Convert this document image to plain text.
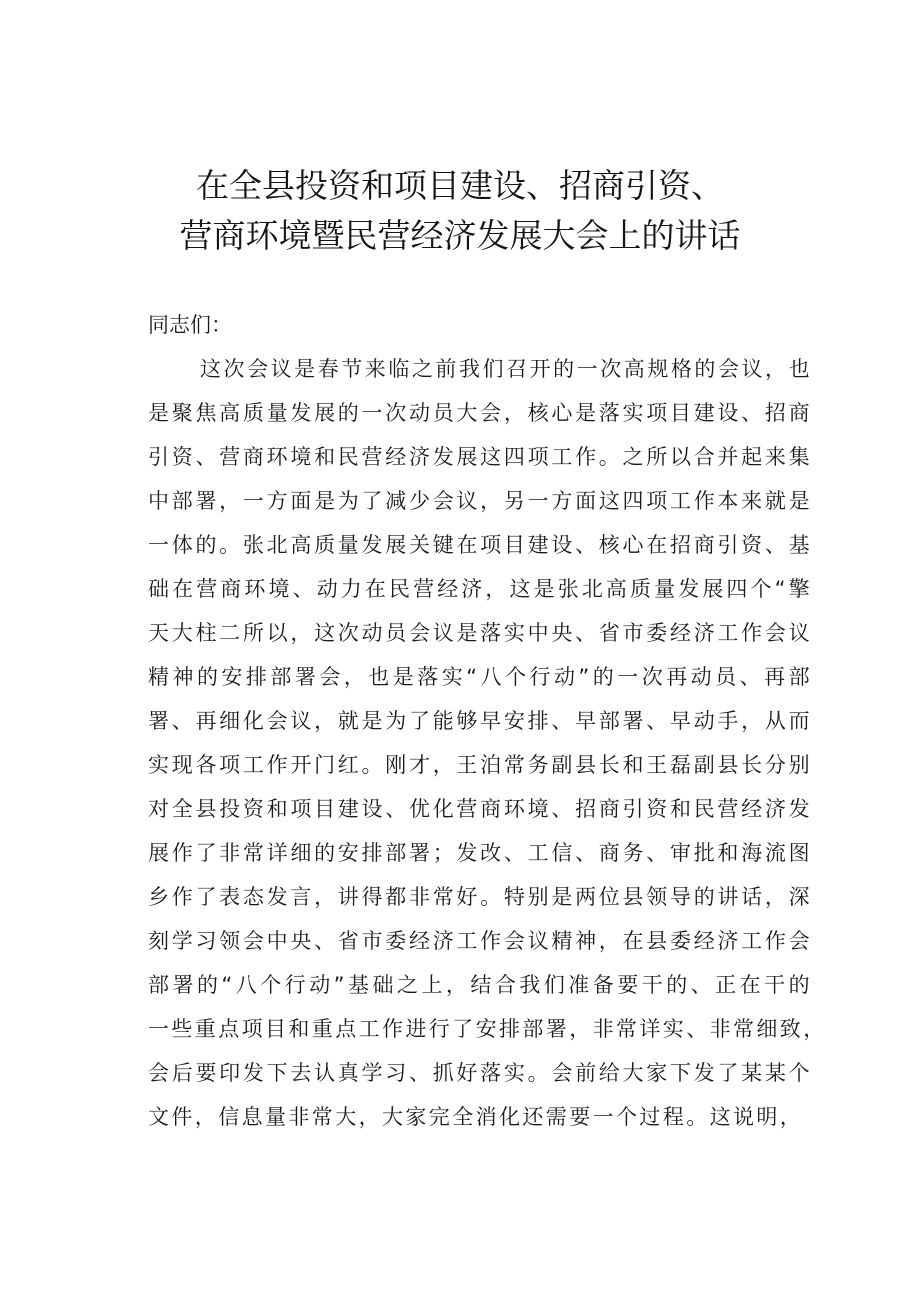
在全县投资和项目建设、招商引资、
营商环境暨民营经济发展大会上的讲话

同志们：

这次会议是春节来临之前我们召开的一次高规格的会议，也

是聚焦高质量发展的一次动员大会，核心是落实项目建设、招商

引资、营商环境和民营经济发展这四项工作。之所以合并起来集

中部署，一方面是为了减少会议，另一方面这四项工作本来就是

一体的。张北高质量发展关键在项目建设、核心在招商引资、基

础在营商环境、动力在民营经济，这是张北高质量发展四个“擎

天大柱二所以，这次动员会议是落实中央、省市委经济工作会议

精神的安排部署会，也是落实“八个行动”的一次再动员、再部

署、再细化会议，就是为了能够早安排、早部署、早动手，从而

实现各项工作开门红。刚才，王泊常务副县长和王磊副县长分别

对全县投资和项目建设、优化营商环境、招商引资和民营经济发

展作了非常详细的安排部署；发改、工信、商务、审批和海流图

乡作了表态发言，讲得都非常好。特别是两位县领导的讲话，深

刻学习领会中央、省市委经济工作会议精神，在县委经济工作会

部署的“八个行动”基础之上，结合我们准备要干的、正在干的

一些重点项目和重点工作进行了安排部署，非常详实、非常细致，

会后要印发下去认真学习、抓好落实。会前给大家下发了某某个

文件，信息量非常大，大家完全消化还需要一个过程。这说明，
